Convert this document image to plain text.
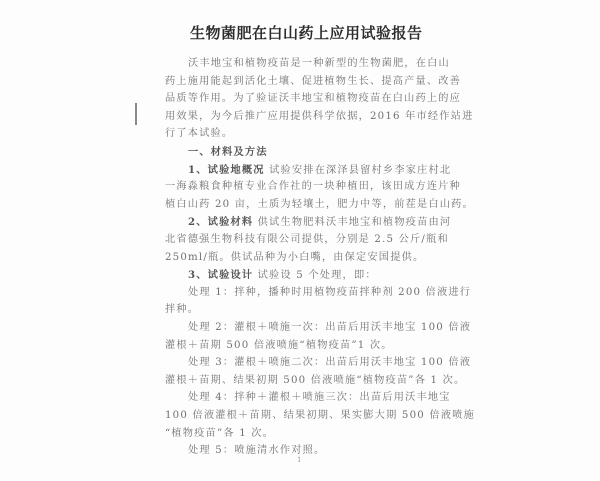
生物菌肥在白山药上应用试验报告
沃丰地宝和植物疫苗是一种新型的生物菌肥，在白山
药上施用能起到活化土壤、促进植物生长、提高产量、改善
品质等作用。为了验证沃丰地宝和植物疫苗在白山药上的应
用效果，为今后推广应用提供科学依据，2016 年市经作站进
行了本试验。
一、材料及方法
1、试验地概况 试验安排在深泽县留村乡李家庄村北
一海淼粮食种植专业合作社的一块种植田，该田成方连片种
植白山药 20 亩，土质为轻壤土，肥力中等，前茬是白山药。
2、试验材料 供试生物肥料沃丰地宝和植物疫苗由河
北省德强生物科技有限公司提供，分别是 2.5 公斤/瓶和
250ml/瓶。供试品种为小白嘴，由保定安国提供。
3、试验设计 试验设 5 个处理，即：
处理 1：拌种，播种时用植物疫苗拌种剂 200 倍液进行
拌种。
处理 2：灌根＋喷施一次：出苗后用沃丰地宝 100 倍液
灌根＋苗期 500 倍液喷施“植物疫苗”1 次。
处理 3：灌根＋喷施二次：出苗后用沃丰地宝 100 倍液
灌根＋苗期、结果初期 500 倍液喷施“植物疫苗”各 1 次。
处理 4：拌种＋灌根＋喷施三次：出苗后用沃丰地宝
100 倍液灌根＋苗期、结果初期、果实膨大期 500 倍液喷施
“植物疫苗”各 1 次。
处理 5：喷施清水作对照。
1
